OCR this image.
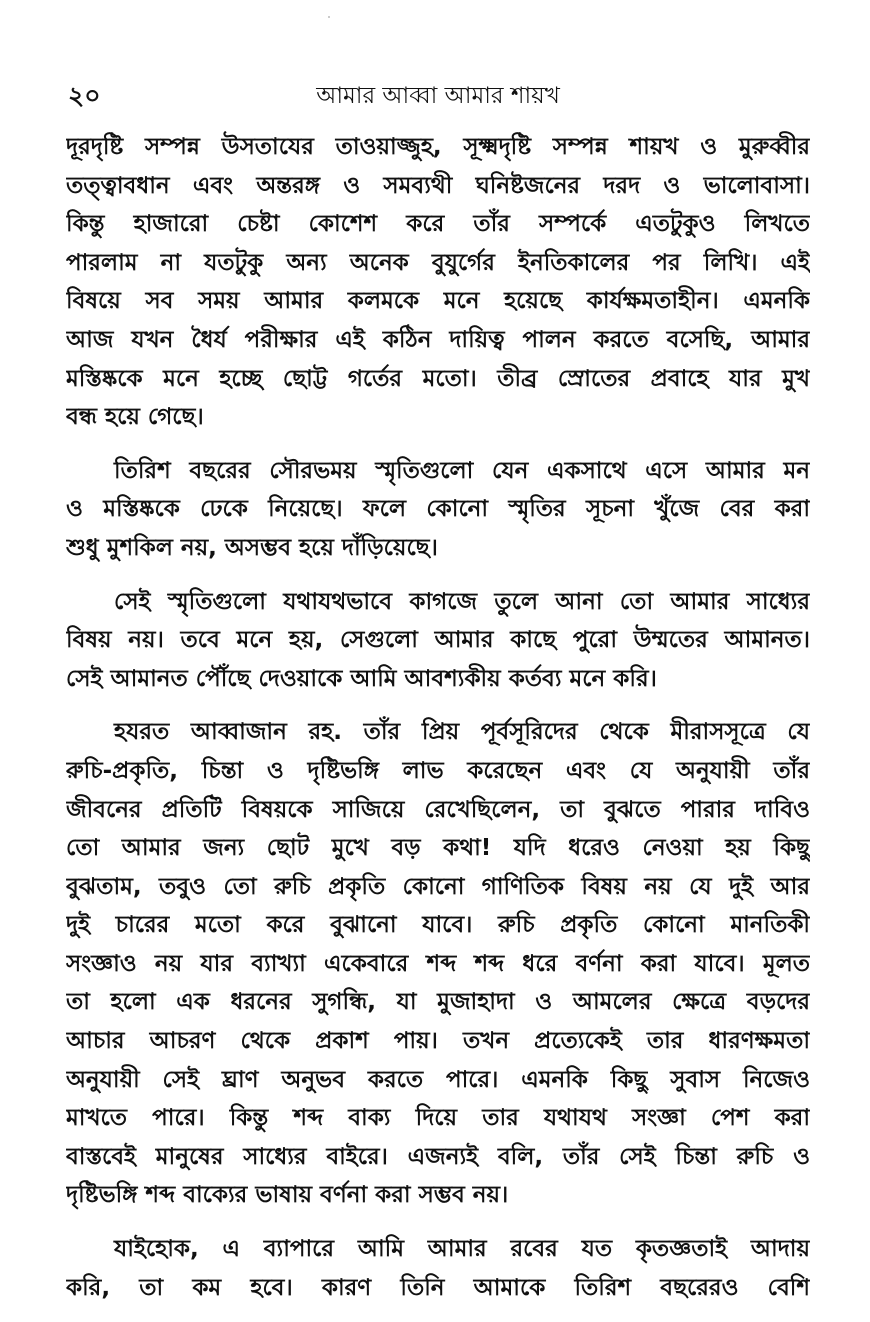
২০	আমার আব্বা আমার শায়খ
দূরদৃষ্টি সম্পন্ন উসতাযের তাওয়াজ্জুহ, সূক্ষ্মদৃষ্টি সম্পন্ন শায়খ ও মুরুব্বীর
তত্ত্বাবধান এবং অন্তরঙ্গ ও সমব্যথী ঘনিষ্টজনের দরদ ও ভালোবাসা।
কিন্তু হাজারো চেষ্টা কোশেশ করে তাঁর সম্পর্কে এতটুকুও লিখতে
পারলাম না যতটুকু অন্য অনেক বুযুর্গের ইনতিকালের পর লিখি। এই
বিষয়ে সব সময় আমার কলমকে মনে হয়েছে কার্যক্ষমতাহীন। এমনকি
আজ যখন ধৈর্য পরীক্ষার এই কঠিন দায়িত্ব পালন করতে বসেছি, আমার
মস্তিষ্ককে মনে হচ্ছে ছোট্ট গর্তের মতো। তীব্র স্রোতের প্রবাহে যার মুখ
বন্ধ হয়ে গেছে।
তিরিশ বছরের সৌরভময় স্মৃতিগুলো যেন একসাথে এসে আমার মন
ও মস্তিষ্ককে ঢেকে নিয়েছে। ফলে কোনো স্মৃতির সূচনা খুঁজে বের করা
শুধু মুশকিল নয়, অসম্ভব হয়ে দাঁড়িয়েছে।
সেই স্মৃতিগুলো যথাযথভাবে কাগজে তুলে আনা তো আমার সাধ্যের
বিষয় নয়। তবে মনে হয়, সেগুলো আমার কাছে পুরো উম্মতের আমানত।
সেই আমানত পৌঁছে দেওয়াকে আমি আবশ্যকীয় কর্তব্য মনে করি।
হযরত আব্বাজান রহ. তাঁর প্রিয় পূর্বসূরিদের থেকে মীরাসসূত্রে যে
রুচি-প্রকৃতি, চিন্তা ও দৃষ্টিভঙ্গি লাভ করেছেন এবং যে অনুযায়ী তাঁর
জীবনের প্রতিটি বিষয়কে সাজিয়ে রেখেছিলেন, তা বুঝতে পারার দাবিও
তো আমার জন্য ছোট মুখে বড় কথা! যদি ধরেও নেওয়া হয় কিছু
বুঝতাম, তবুও তো রুচি প্রকৃতি কোনো গাণিতিক বিষয় নয় যে দুই আর
দুই চারের মতো করে বুঝানো যাবে। রুচি প্রকৃতি কোনো মানতিকী
সংজ্ঞাও নয় যার ব্যাখ্যা একেবারে শব্দ শব্দ ধরে বর্ণনা করা যাবে। মূলত
তা হলো এক ধরনের সুগন্ধি, যা মুজাহাদা ও আমলের ক্ষেত্রে বড়দের
আচার আচরণ থেকে প্রকাশ পায়। তখন প্রত্যেকেই তার ধারণক্ষমতা
অনুযায়ী সেই ঘ্রাণ অনুভব করতে পারে। এমনকি কিছু সুবাস নিজেও
মাখতে পারে। কিন্তু শব্দ বাক্য দিয়ে তার যথাযথ সংজ্ঞা পেশ করা
বাস্তবেই মানুষের সাধ্যের বাইরে। এজন্যই বলি, তাঁর সেই চিন্তা রুচি ও
দৃষ্টিভঙ্গি শব্দ বাক্যের ভাষায় বর্ণনা করা সম্ভব নয়।
যাইহোক, এ ব্যাপারে আমি আমার রবের যত কৃতজ্ঞতাই আদায়
করি, তা কম হবে। কারণ তিনি আমাকে তিরিশ বছরেরও বেশি
